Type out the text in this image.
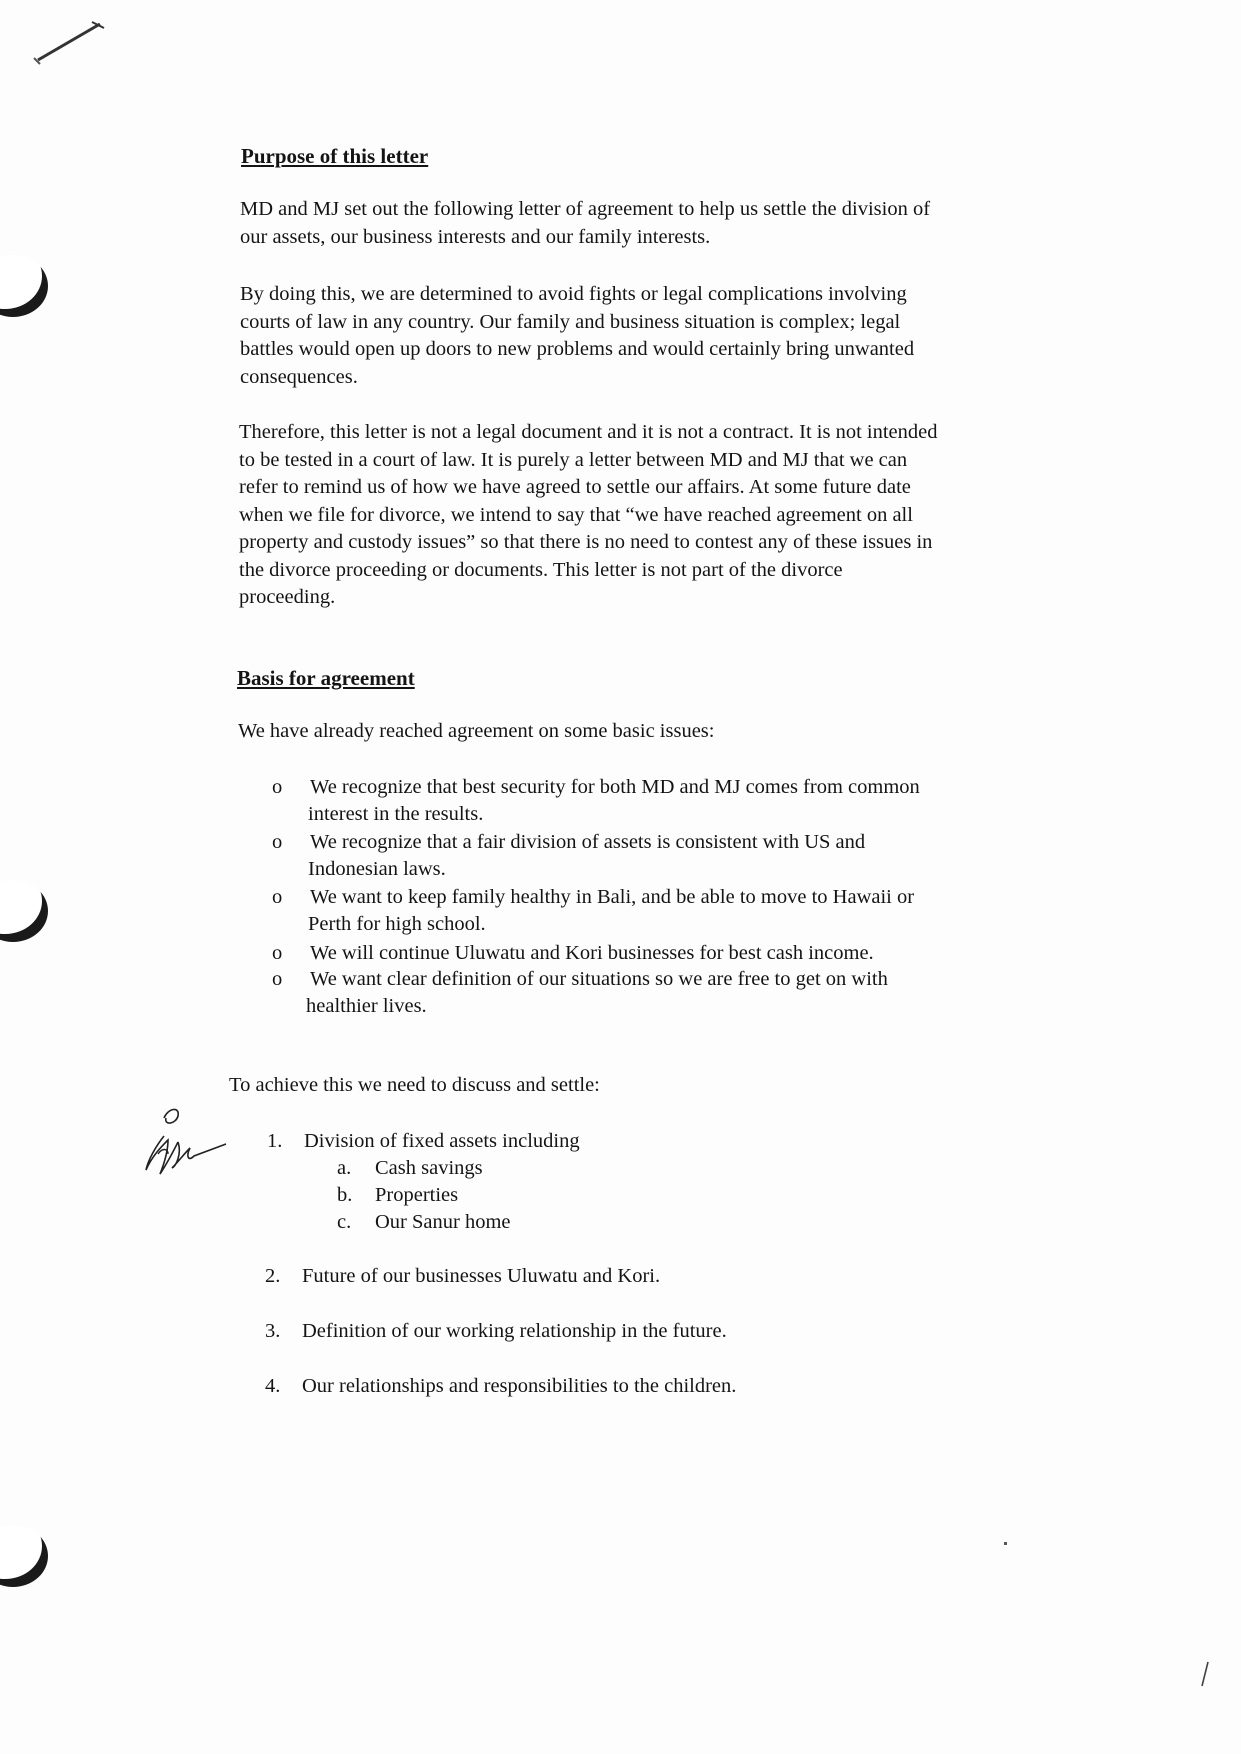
Purpose of this letter
MD and MJ set out the following letter of agreement to help us settle the division of
our assets, our business interests and our family interests.
By doing this, we are determined to avoid fights or legal complications involving
courts of law in any country. Our family and business situation is complex; legal
battles would open up doors to new problems and would certainly bring unwanted
consequences.
Therefore, this letter is not a legal document and it is not a contract. It is not intended
to be tested in a court of law. It is purely a letter between MD and MJ that we can
refer to remind us of how we have agreed to settle our affairs. At some future date
when we file for divorce, we intend to say that “we have reached agreement on all
property and custody issues” so that there is no need to contest any of these issues in
the divorce proceeding or documents. This letter is not part of the divorce
proceeding.
Basis for agreement
We have already reached agreement on some basic issues:
o We recognize that best security for both MD and MJ comes from common
interest in the results.
o We recognize that a fair division of assets is consistent with US and
Indonesian laws.
o We want to keep family healthy in Bali, and be able to move to Hawaii or
Perth for high school.
o We will continue Uluwatu and Kori businesses for best cash income.
o We want clear definition of our situations so we are free to get on with
healthier lives.
To achieve this we need to discuss and settle:
1. Division of fixed assets including
a. Cash savings
b. Properties
c. Our Sanur home
2. Future of our businesses Uluwatu and Kori.
3. Definition of our working relationship in the future.
4. Our relationships and responsibilities to the children.
